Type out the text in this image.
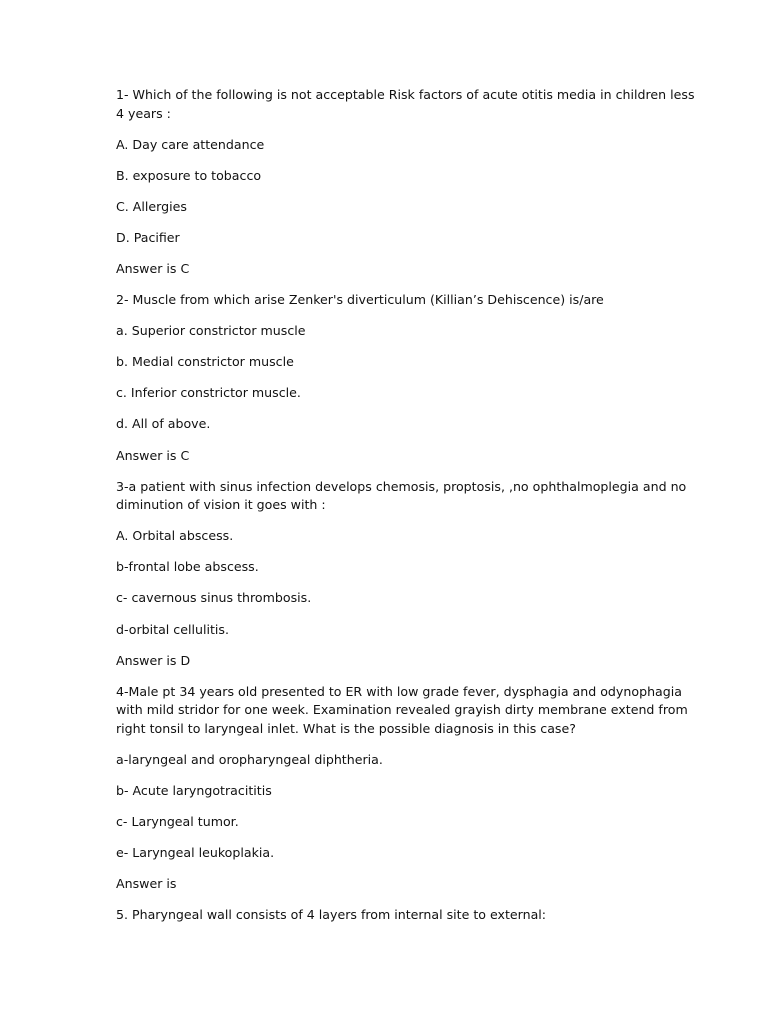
1- Which of the following is not acceptable Risk factors of acute otitis media in children less
4 years :
A. Day care attendance
B. exposure to tobacco
C. Allergies
D. Pacifier
Answer is C
2- Muscle from which arise Zenker's diverticulum (Killian’s Dehiscence) is/are
a. Superior constrictor muscle
b. Medial constrictor muscle
c. Inferior constrictor muscle.
d. All of above.
Answer is C
3-a patient with sinus infection develops chemosis, proptosis, ,no ophthalmoplegia and no
diminution of vision it goes with :
A. Orbital abscess.
b-frontal lobe abscess.
c- cavernous sinus thrombosis.
d-orbital cellulitis.
Answer is D
4-Male pt 34 years old presented to ER with low grade fever, dysphagia and odynophagia
with mild stridor for one week. Examination revealed grayish dirty membrane extend from
right tonsil to laryngeal inlet. What is the possible diagnosis in this case?
a-laryngeal and oropharyngeal diphtheria.
b- Acute laryngotracititis
c- Laryngeal tumor.
e- Laryngeal leukoplakia.
Answer is
5. Pharyngeal wall consists of 4 layers from internal site to external:
